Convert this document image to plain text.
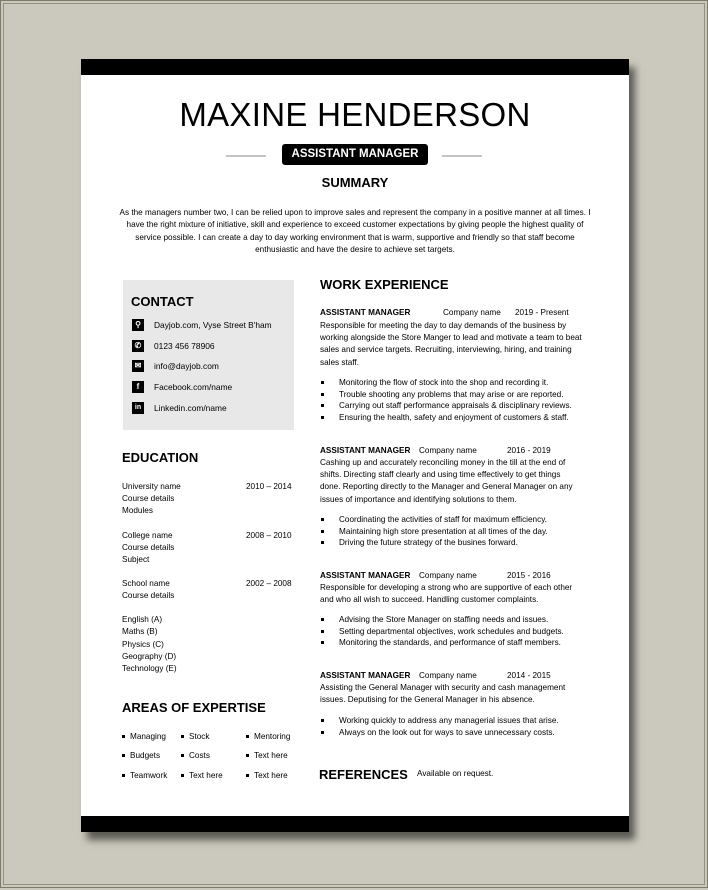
MAXINE HENDERSON
ASSISTANT MANAGER
SUMMARY
As the managers number two, I can be relied upon to improve sales and represent the company in a positive manner at all times. I have the right mixture of initiative, skill and experience to exceed customer expectations by giving people the highest quality of service possible. I can create a day to day working environment that is warm, supportive and friendly so that staff become enthusiastic and have the desire to achieve set targets.
CONTACT
⚲	Dayjob.com, Vyse Street B'ham
✆	0123 456 78906
✉	info@dayjob.com
f	Facebook.com/name
in	Linkedin.com/name
EDUCATION
University name	2010 – 2014
Course details
Modules
College name	2008 – 2010
Course details
Subject
School name	2002 – 2008
Course details
English (A)
Maths (B)
Physics (C)
Geography (D)
Technology (E)
AREAS OF EXPERTISE
Managing	Stock	Mentoring
Budgets	Costs	Text here
Teamwork	Text here	Text here
WORK EXPERIENCE
ASSISTANT MANAGER	Company name 2019 - Present
Responsible for meeting the day to day demands of the business by working alongside the Store Manger to lead and motivate a team to beat sales and service targets. Recruiting, interviewing, hiring, and training sales staff.
Monitoring the flow of stock into the shop and recording it.
Trouble shooting any problems that may arise or are reported.
Carrying out staff performance appraisals & disciplinary reviews.
Ensuring the health, safety and enjoyment of customers & staff.
ASSISTANT MANAGER Company name	2016 - 2019
Cashing up and accurately reconciling money in the till at the end of shifts. Directing staff clearly and using time effectively to get things done. Reporting directly to the Manager and General Manager on any issues of importance and identifying solutions to them.
Coordinating the activities of staff for maximum efficiency.
Maintaining high store presentation at all times of the day.
Driving the future strategy of the busines forward.
ASSISTANT MANAGER Company name	2015 - 2016
Responsible for developing a strong who are supportive of each other and who all wish to succeed. Handling customer complaints.
Advising the Store Manager on staffing needs and issues.
Setting departmental objectives, work schedules and budgets.
Monitoring the standards, and performance of staff members.
ASSISTANT MANAGER Company name	2014 - 2015
Assisting the General Manager with security and cash management issues. Deputising for the General Manager in his absence.
Working quickly to address any managerial issues that arise.
Always on the look out for ways to save unnecessary costs.
REFERENCES Available on request.
